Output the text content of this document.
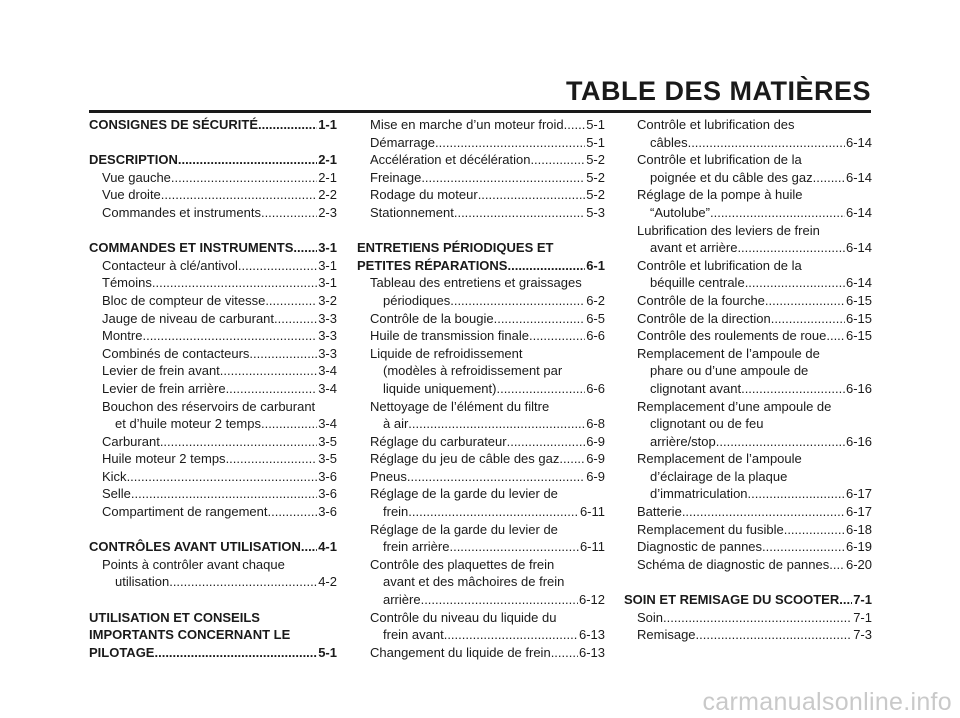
TABLE DES MATIÈRES
CONSIGNES DE SÉCURITÉ .....	1-1
DESCRIPTION .....	2-1
Vue gauche .....	2-1
Vue droite .....	2-2
Commandes et instruments .....	2-3
COMMANDES ET INSTRUMENTS ..... 3-1
Contacteur à clé/antivol .....	3-1
Témoins .....	3-1
Bloc de compteur de vitesse .....	3-2
Jauge de niveau de carburant .....	3-3
Montre .....	3-3
Combinés de contacteurs .....	3-3
Levier de frein avant .....	3-4
Levier de frein arrière .....	3-4
Bouchon des réservoirs de carburant
et d’huile moteur 2 temps .....	3-4
Carburant .....	3-5
Huile moteur 2 temps .....	3-5
Kick .....	3-6
Selle .....	3-6
Compartiment de rangement .....	3-6
CONTRÔLES AVANT UTILISATION ..... 4-1
Points à contrôler avant chaque
utilisation .....	4-2
UTILISATION ET CONSEILS
IMPORTANTS CONCERNANT LE
PILOTAGE .....	5-1
Mise en marche d’un moteur froid ..... 5-1
Démarrage .....	5-1
Accélération et décélération .....	5-2
Freinage .....	5-2
Rodage du moteur .....	5-2
Stationnement .....	5-3
ENTRETIENS PÉRIODIQUES ET
PETITES RÉPARATIONS .....	6-1
Tableau des entretiens et graissages
périodiques .....	6-2
Contrôle de la bougie .....	6-5
Huile de transmission finale .....	6-6
Liquide de refroidissement
(modèles à refroidissement par
liquide uniquement) .....	6-6
Nettoyage de l’élément du filtre
à air .....	6-8
Réglage du carburateur .....	6-9
Réglage du jeu de câble des gaz ..... 6-9
Pneus .....	6-9
Réglage de la garde du levier de
frein .....	6-11
Réglage de la garde du levier de
frein arrière .....	6-11
Contrôle des plaquettes de frein
avant et des mâchoires de frein
arrière .....	6-12
Contrôle du niveau du liquide du
frein avant .....	6-13
Changement du liquide de frein ..... 6-13
Contrôle et lubrification des
câbles .....	6-14
Contrôle et lubrification de la
poignée et du câble des gaz .....	6-14
Réglage de la pompe à huile
“Autolube” .....	6-14
Lubrification des leviers de frein
avant et arrière .....	6-14
Contrôle et lubrification de la
béquille centrale .....	6-14
Contrôle de la fourche .....	6-15
Contrôle de la direction .....	6-15
Contrôle des roulements de roue ..... 6-15
Remplacement de l’ampoule de
phare ou d’une ampoule de
clignotant avant .....	6-16
Remplacement d’une ampoule de
clignotant ou de feu
arrière/stop .....	6-16
Remplacement de l’ampoule
d’éclairage de la plaque
d’immatriculation .....	6-17
Batterie .....	6-17
Remplacement du fusible .....	6-18
Diagnostic de pannes .....	6-19
Schéma de diagnostic de pannes ..... 6-20
SOIN ET REMISAGE DU SCOOTER ..... 7-1
Soin .....	7-1
Remisage .....	7-3
carmanualsonline.info
